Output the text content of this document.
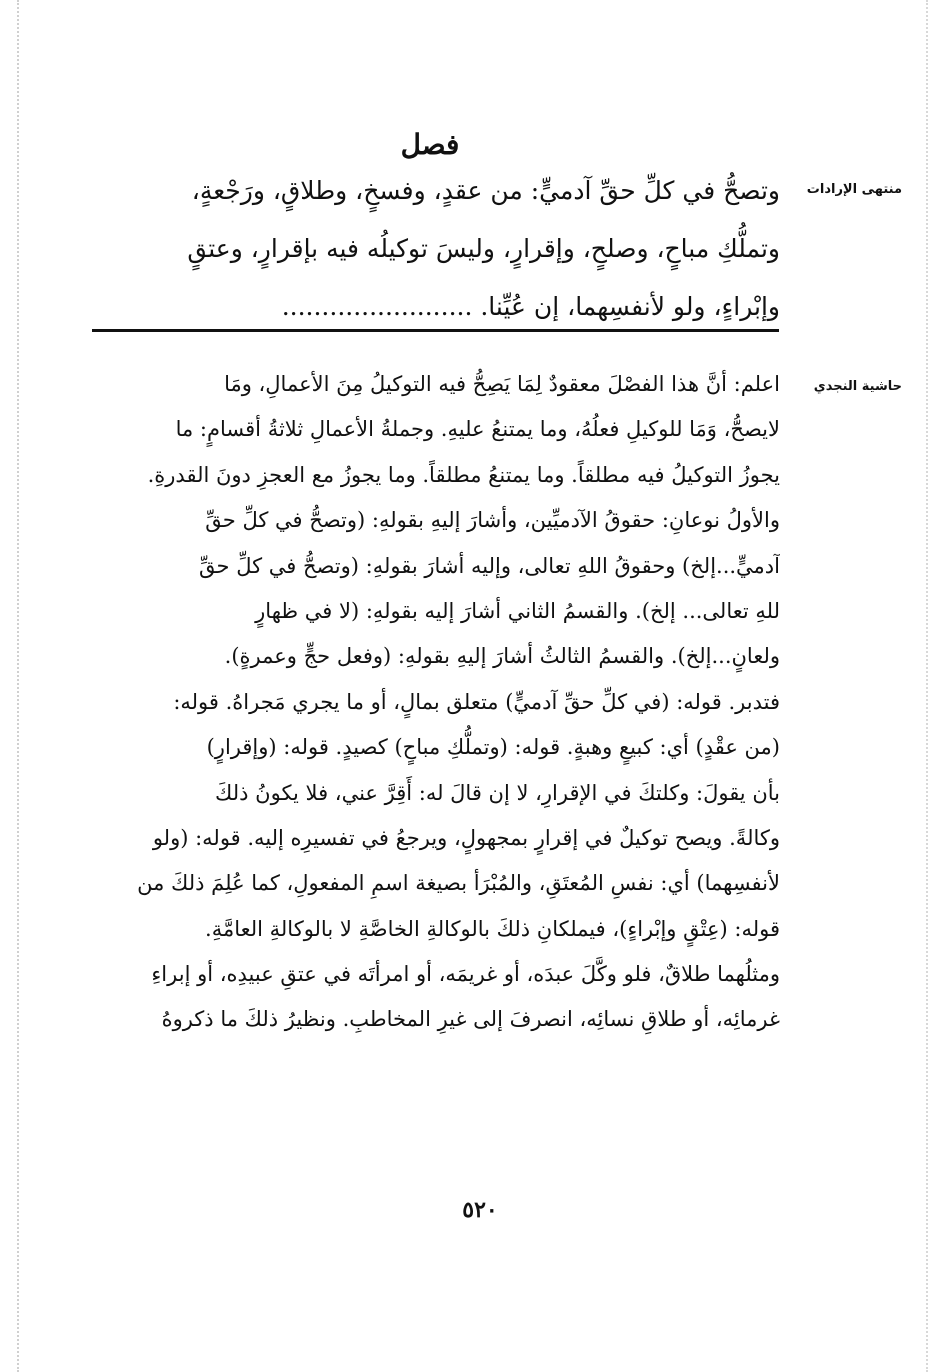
فصل
منتهى الإرادات
وتصحُّ في كلِّ حقِّ آدميٍّ: من عقدٍ، وفسخٍ، وطلاقٍ، ورَجْعةٍ،
وتملُّكِ مباحٍ، وصلحٍ، وإقرارٍ، وليسَ توكيلُه فيه بإقرارٍ، وعتقٍ
وإبْراءٍ، ولو لأنفسِهما، إن عُيِّنا. ........................
حاشية النجدي
اعلم: أنَّ هذا الفصْلَ معقودٌ لِمَا يَصِحُّ فيه التوكيلُ مِنَ الأعمالِ، ومَا
لايصحُّ، وَمَا للوكيلِ فعلُهُ، وما يمتنعُ عليهِ. وجملةُ الأعمالِ ثلاثةُ أقسامٍ: ما
يجوزُ التوكيلُ فيه مطلقاً. وما يمتنعُ مطلقاً. وما يجوزُ مع العجزِ دونَ القدرةِ.
والأولُ نوعانِ: حقوقُ الآدميِّين، وأشارَ إليهِ بقولهِ: (وتصحُّ في كلِّ حقِّ
آدميٍّ...إلخ) وحقوقُ اللهِ تعالى، وإليه أشارَ بقولهِ: (وتصحُّ في كلِّ حقِّ
للهِ تعالى... إلخ). والقسمُ الثاني أشارَ إليه بقولهِ: (لا في ظهارٍ
ولعانٍ...إلخ). والقسمُ الثالثُ أشارَ إليهِ بقولهِ: (وفعل حجٍّ وعمرةٍ).
فتدبر. قوله: (في كلِّ حقِّ آدميٍّ) متعلق بمالٍ، أو ما يجري مَجراهُ. قوله:
(من عقْدٍ) أي: كبيعٍ وهبةٍ. قوله: (وتملُّكِ مباحٍ) كصيدٍ. قوله: (وإقرارٍ)
بأن يقولَ: وكلتكَ في الإقرارِ، لا إن قالَ له: أَقِرَّ عني، فلا يكونُ ذلكَ
وكالةً. ويصح توكيلٌ في إقرارٍ بمجهولٍ، ويرجعُ في تفسيرِه إليه. قوله: (ولو
لأنفسِهما) أي: نفسِ المُعتَقِ، والمُبْرَأ بصيغة اسمِ المفعولِ، كما عُلِمَ ذلكَ من
قوله: (عِتْقٍ وإبْراءٍ)، فيملكانِ ذلكَ بالوكالةِ الخاصَّةِ لا بالوكالةِ العامَّةِ.
ومثلُهما طلاقٌ، فلو وكَّلَ عبدَه، أو غريمَه، أو امرأتَه في عتقِ عبيدِه، أو إبراءِ
غرمائِه، أو طلاقِ نسائِه، انصرفَ إلى غيرِ المخاطبِ. ونظيرُ ذلكَ ما ذكروهُ
٥٢٠
